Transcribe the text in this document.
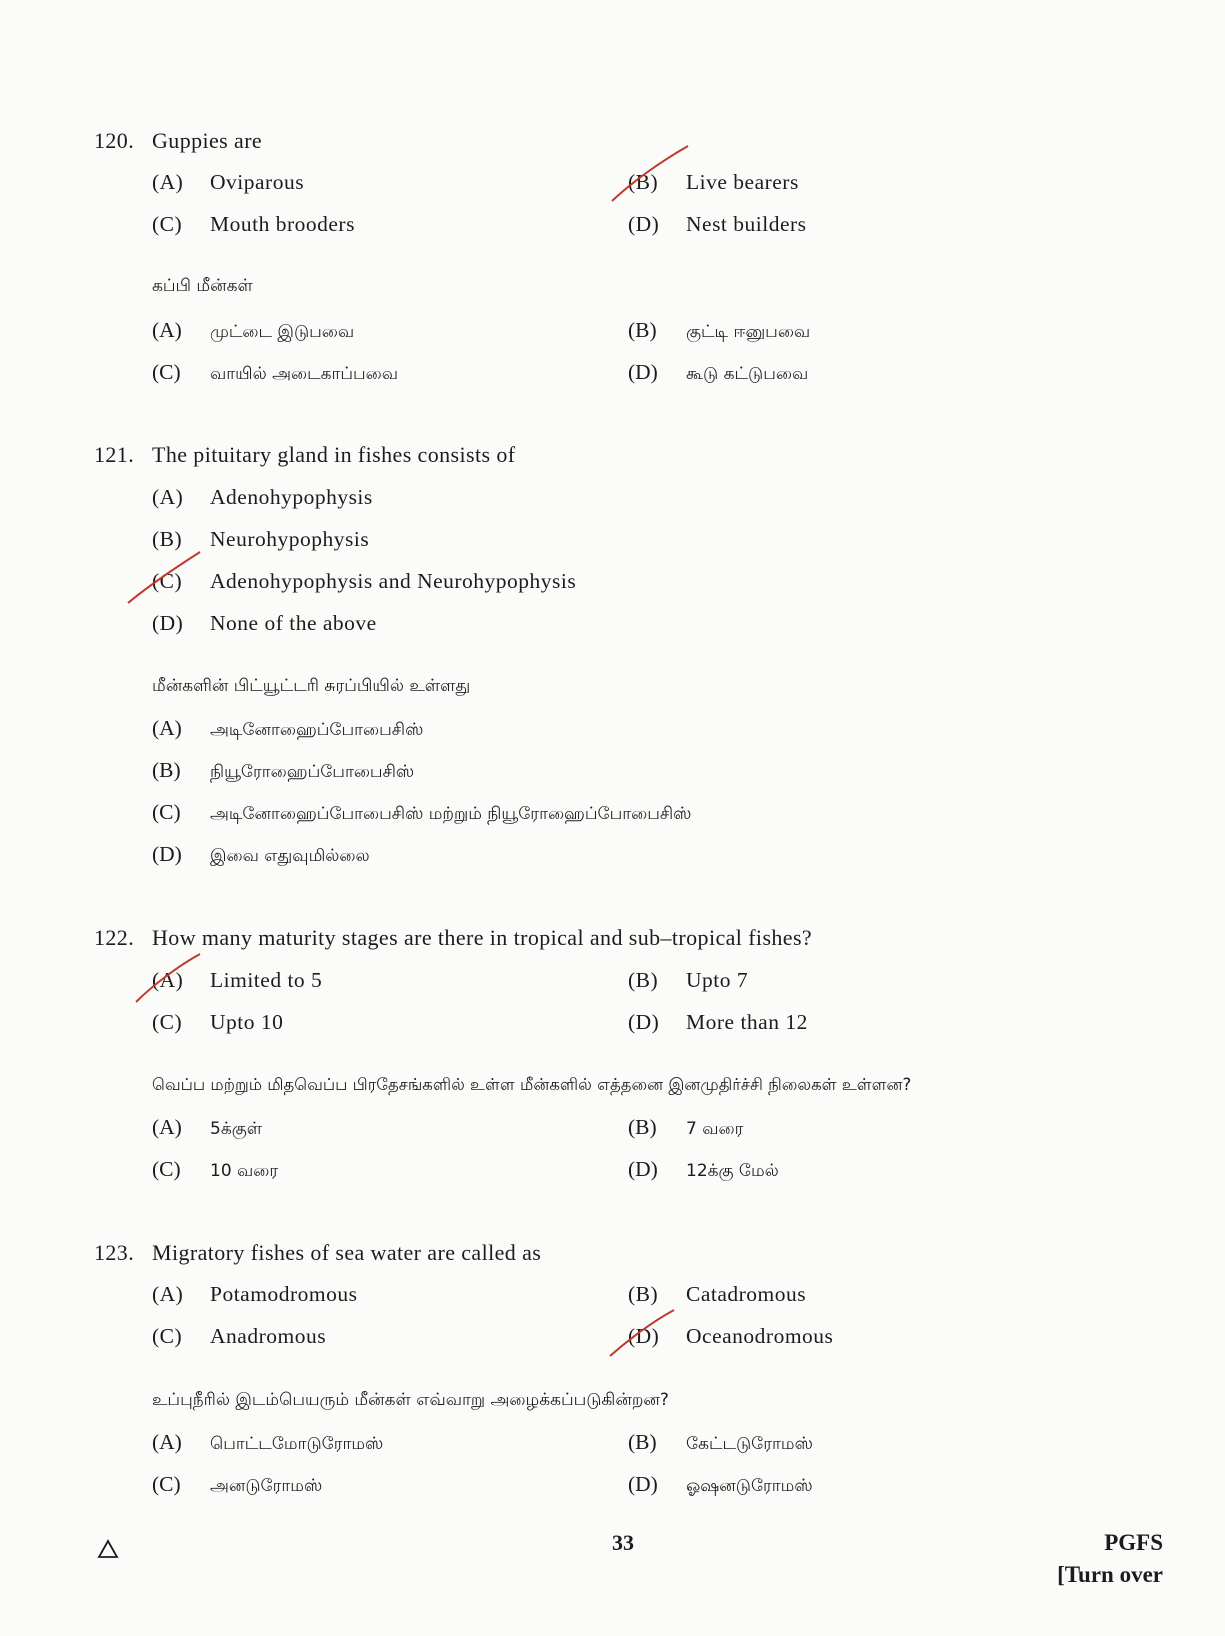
120. Guppies are
(A) Oviparous	(B) Live bearers
(C) Mouth brooders	(D) Nest builders
கப்பி மீன்கள்
(A) முட்டை இடுபவை	(B) குட்டி ஈனுபவை
(C) வாயில் அடைகாப்பவை	(D) கூடு கட்டுபவை
121. The pituitary gland in fishes consists of
(A) Adenohypophysis
(B) Neurohypophysis
(C) Adenohypophysis and Neurohypophysis
(D) None of the above
மீன்களின் பிட்யூட்டரி சுரப்பியில் உள்ளது
(A) அடினோஹைப்போபைசிஸ்
(B) நியூரோஹைப்போபைசிஸ்
(C) அடினோஹைப்போபைசிஸ் மற்றும் நியூரோஹைப்போபைசிஸ்
(D) இவை எதுவுமில்லை
122. How many maturity stages are there in tropical and sub–tropical fishes?
(A) Limited to 5	(B) Upto 7
(C) Upto 10	(D) More than 12
வெப்ப மற்றும் மிதவெப்ப பிரதேசங்களில் உள்ள மீன்களில் எத்தனை இனமுதிர்ச்சி நிலைகள் உள்ளன?
(A) 5க்குள்	(B) 7 வரை
(C) 10 வரை	(D) 12க்கு மேல்
123. Migratory fishes of sea water are called as
(A) Potamodromous	(B) Catadromous
(C) Anadromous	(D) Oceanodromous
உப்புநீரில் இடம்பெயரும் மீன்கள் எவ்வாறு அழைக்கப்படுகின்றன?
(A) பொட்டமோடுரோமஸ்	(B) கேட்டடுரோமஸ்
(C) அனடுரோமஸ்	(D) ஓஷனடுரோமஸ்
33	PGFS
[Turn over
